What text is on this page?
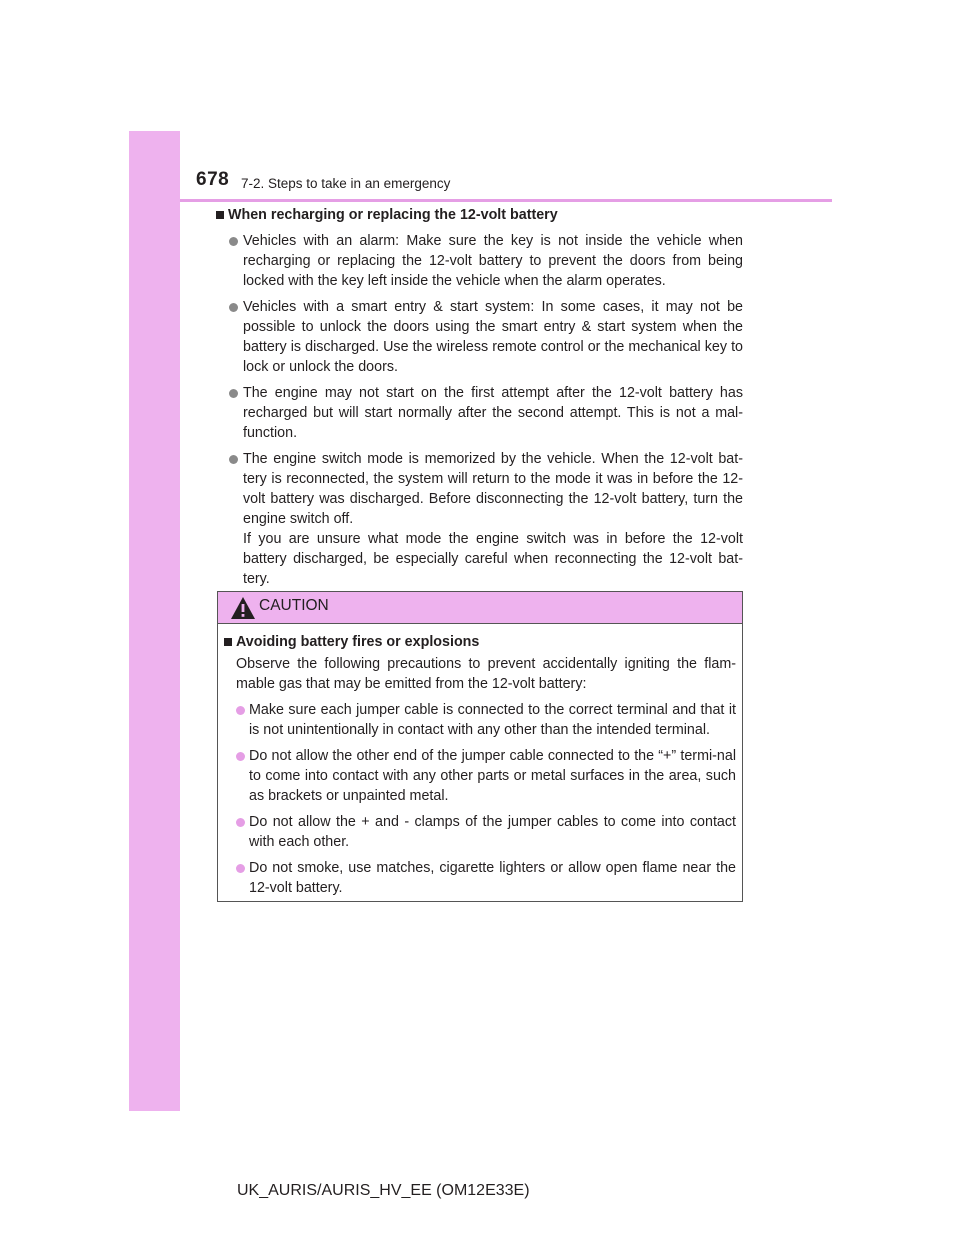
678 7-2. Steps to take in an emergency
When recharging or replacing the 12-volt battery
Vehicles with an alarm: Make sure the key is not inside the vehicle when recharging or replacing the 12-volt battery to prevent the doors from being locked with the key left inside the vehicle when the alarm operates.
Vehicles with a smart entry & start system: In some cases, it may not be possible to unlock the doors using the smart entry & start system when the battery is discharged. Use the wireless remote control or the mechanical key to lock or unlock the doors.
The engine may not start on the first attempt after the 12-volt battery has recharged but will start normally after the second attempt. This is not a mal-function.
The engine switch mode is memorized by the vehicle. When the 12-volt bat-tery is reconnected, the system will return to the mode it was in before the 12-volt battery was discharged. Before disconnecting the 12-volt battery, turn the engine switch off.
If you are unsure what mode the engine switch was in before the 12-volt battery discharged, be especially careful when reconnecting the 12-volt bat-tery.
CAUTION
Avoiding battery fires or explosions
Observe the following precautions to prevent accidentally igniting the flam-mable gas that may be emitted from the 12-volt battery:
Make sure each jumper cable is connected to the correct terminal and that it is not unintentionally in contact with any other than the intended terminal.
Do not allow the other end of the jumper cable connected to the “+” termi-nal to come into contact with any other parts or metal surfaces in the area, such as brackets or unpainted metal.
Do not allow the + and - clamps of the jumper cables to come into contact with each other.
Do not smoke, use matches, cigarette lighters or allow open flame near the 12-volt battery.
UK_AURIS/AURIS_HV_EE (OM12E33E)
